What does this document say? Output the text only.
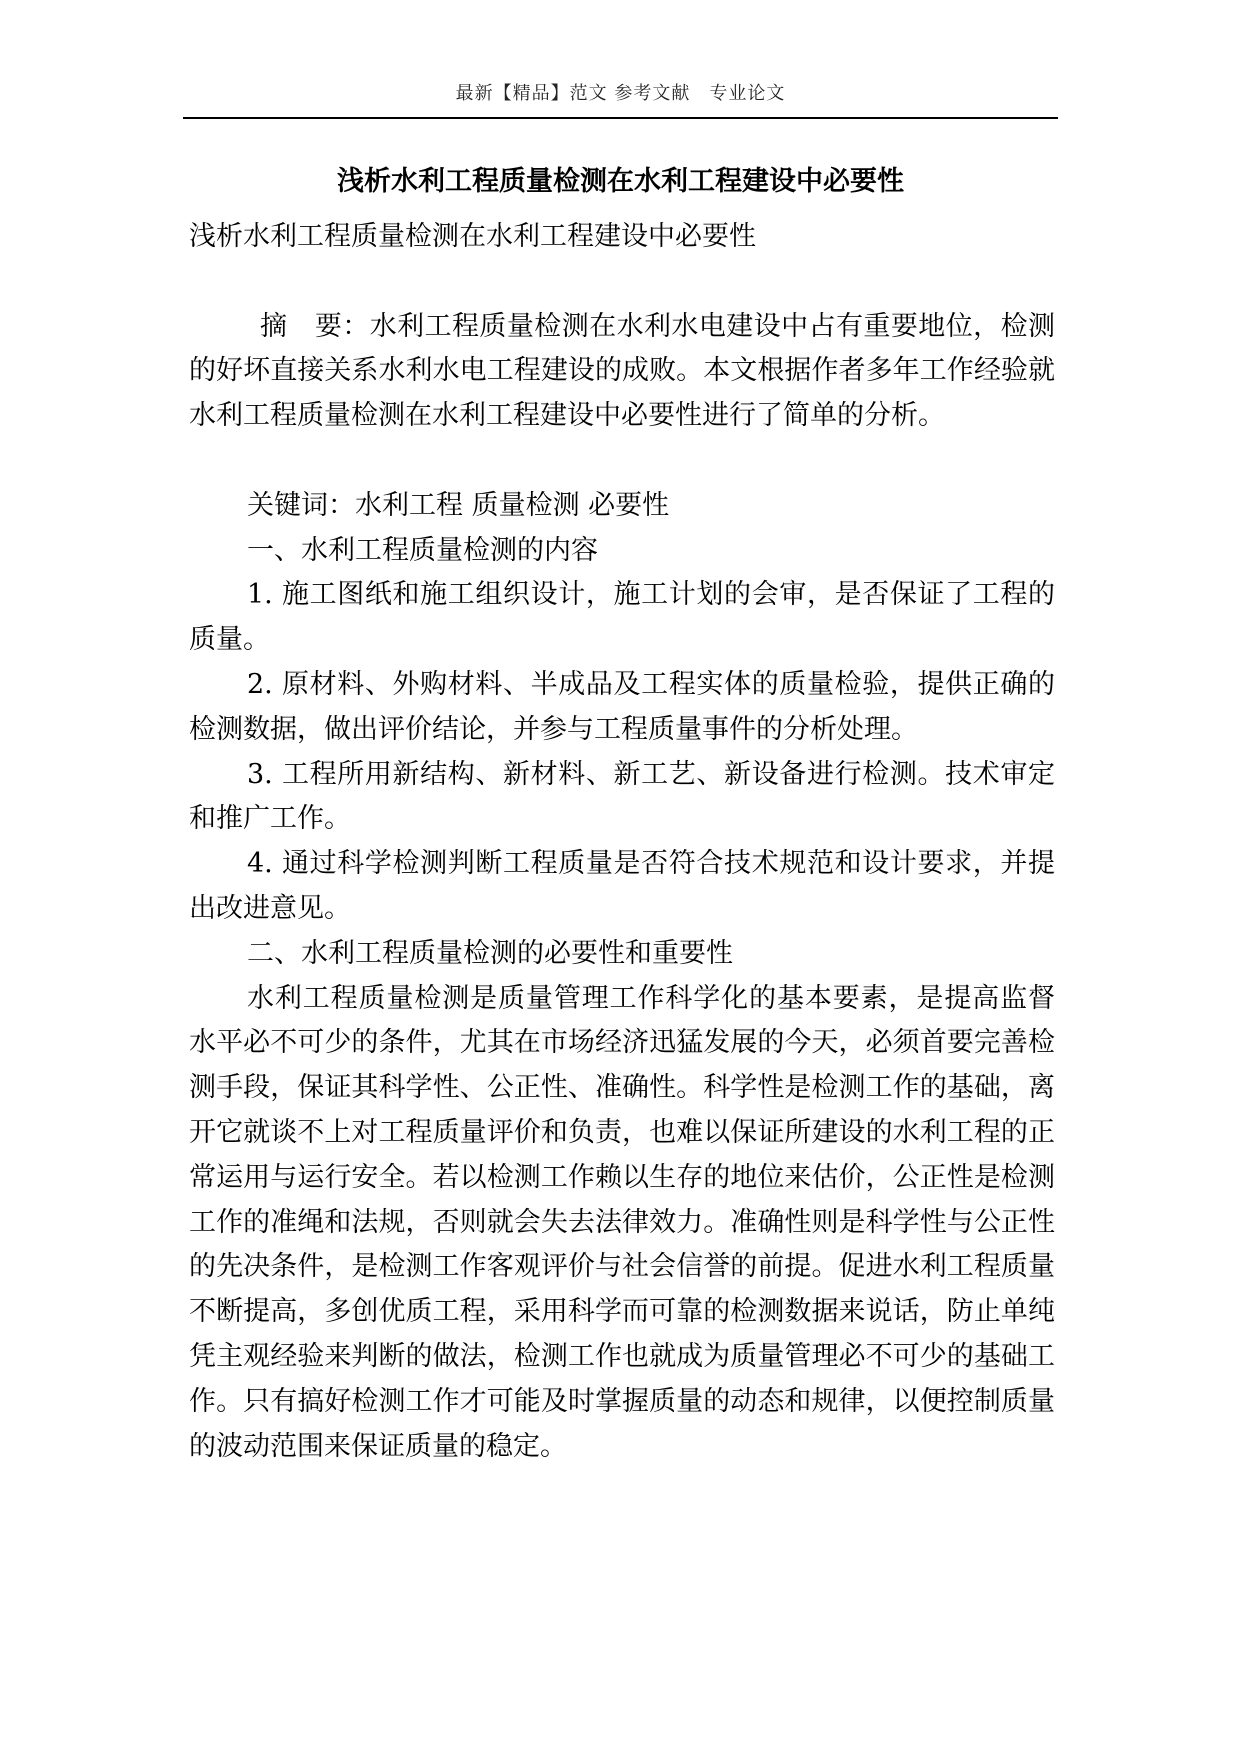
最新【精品】范文 参考文献　专业论文
浅析水利工程质量检测在水利工程建设中必要性

浅析水利工程质量检测在水利工程建设中必要性

摘　要：水利工程质量检测在水利水电建设中占有重要地位，检测的好坏直接关系水利水电工程建设的成败。本文根据作者多年工作经验就水利工程质量检测在水利工程建设中必要性进行了简单的分析。

关键词：水利工程 质量检测 必要性

一、水利工程质量检测的内容

1. 施工图纸和施工组织设计，施工计划的会审，是否保证了工程的质量。

2. 原材料、外购材料、半成品及工程实体的质量检验，提供正确的检测数据，做出评价结论，并参与工程质量事件的分析处理。

3. 工程所用新结构、新材料、新工艺、新设备进行检测。技术审定和推广工作。

4. 通过科学检测判断工程质量是否符合技术规范和设计要求，并提出改进意见。

二、水利工程质量检测的必要性和重要性

水利工程质量检测是质量管理工作科学化的基本要素，是提高监督水平必不可少的条件，尤其在市场经济迅猛发展的今天，必须首要完善检测手段，保证其科学性、公正性、准确性。科学性是检测工作的基础，离开它就谈不上对工程质量评价和负责，也难以保证所建设的水利工程的正常运用与运行安全。若以检测工作赖以生存的地位来估价，公正性是检测工作的准绳和法规，否则就会失去法律效力。准确性则是科学性与公正性的先决条件，是检测工作客观评价与社会信誉的前提。促进水利工程质量不断提高，多创优质工程，采用科学而可靠的检测数据来说话，防止单纯凭主观经验来判断的做法，检测工作也就成为质量管理必不可少的基础工作。只有搞好检测工作才可能及时掌握质量的动态和规律，以便控制质量的波动范围来保证质量的稳定。
